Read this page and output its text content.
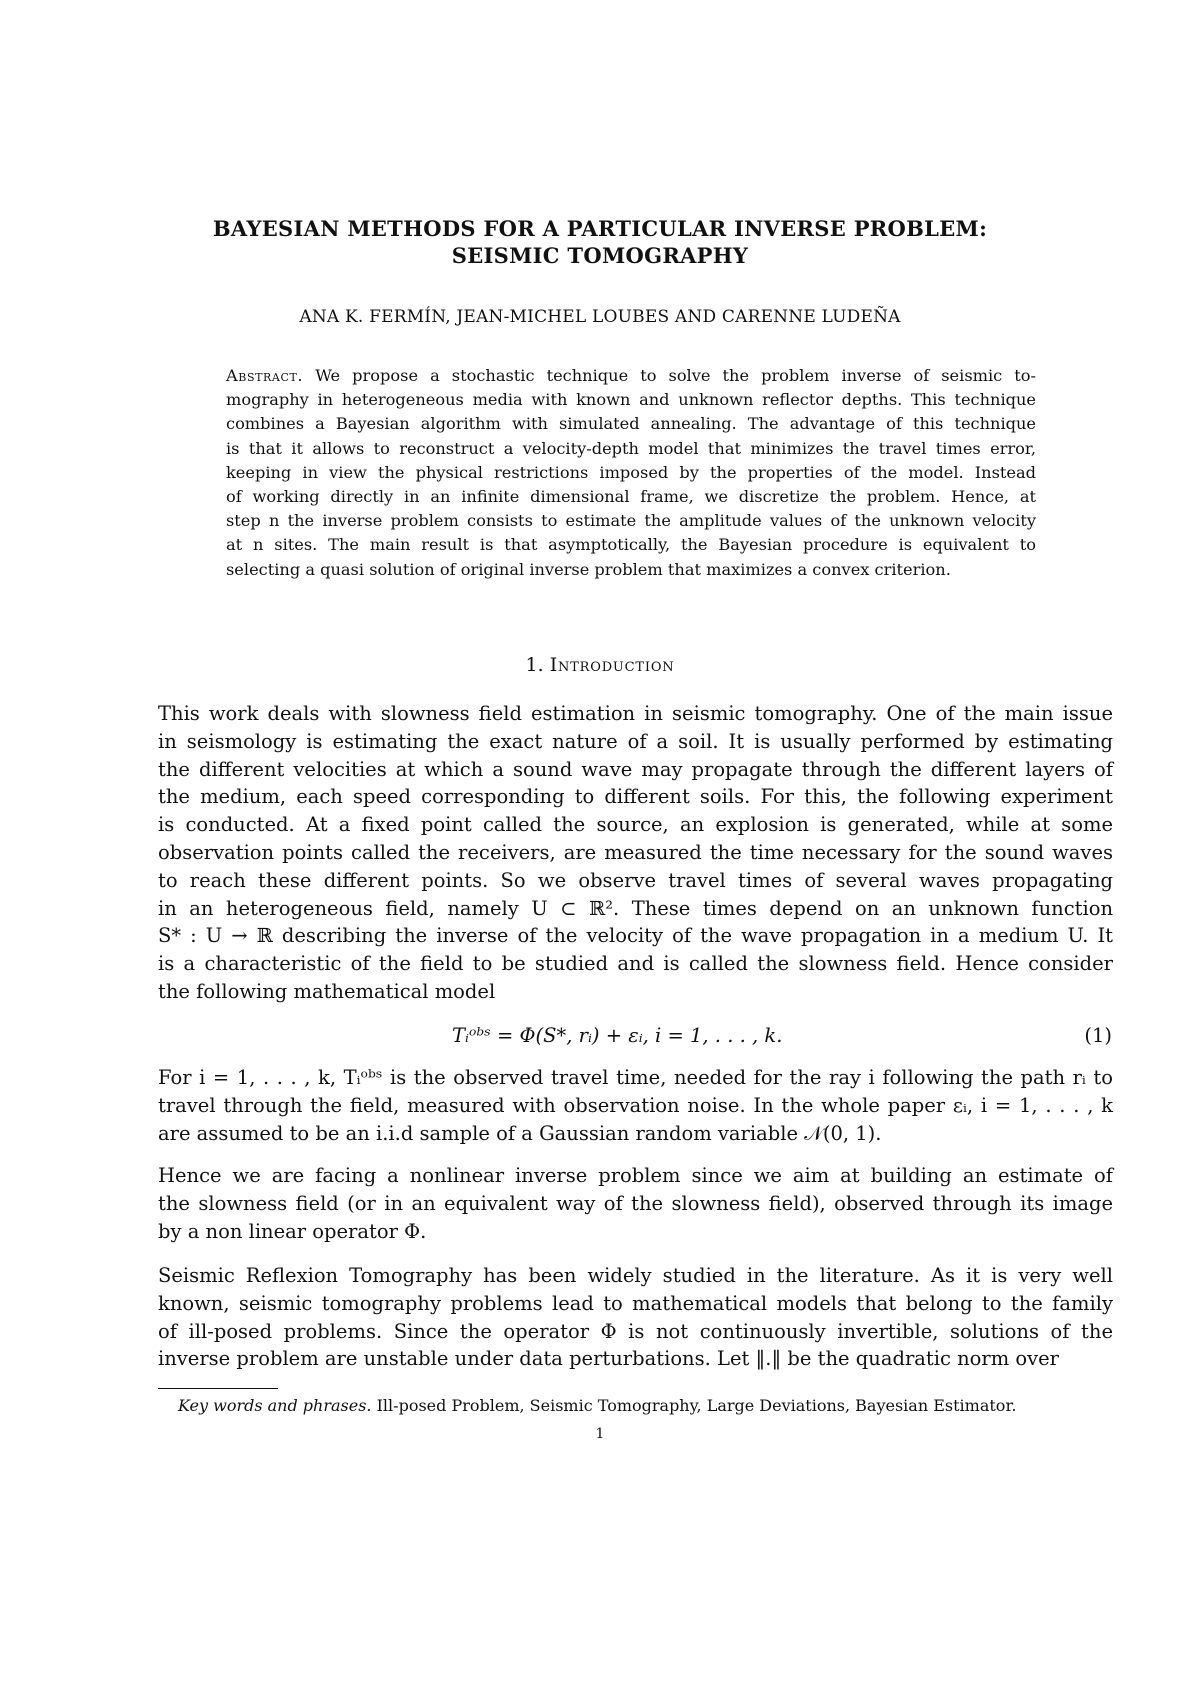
BAYESIAN METHODS FOR A PARTICULAR INVERSE PROBLEM:
SEISMIC TOMOGRAPHY
ANA K. FERMÍN, JEAN-MICHEL LOUBES AND CARENNE LUDEÑA
Abstract. We propose a stochastic technique to solve the problem inverse of seismic to-
mography in heterogeneous media with known and unknown reflector depths. This technique
combines a Bayesian algorithm with simulated annealing. The advantage of this technique
is that it allows to reconstruct a velocity-depth model that minimizes the travel times error,
keeping in view the physical restrictions imposed by the properties of the model. Instead
of working directly in an infinite dimensional frame, we discretize the problem. Hence, at
step n the inverse problem consists to estimate the amplitude values of the unknown velocity
at n sites. The main result is that asymptotically, the Bayesian procedure is equivalent to
selecting a quasi solution of original inverse problem that maximizes a convex criterion.
1. Introduction
This work deals with slowness field estimation in seismic tomography. One of the main issue
in seismology is estimating the exact nature of a soil. It is usually performed by estimating
the different velocities at which a sound wave may propagate through the different layers of
the medium, each speed corresponding to different soils. For this, the following experiment
is conducted. At a fixed point called the source, an explosion is generated, while at some
observation points called the receivers, are measured the time necessary for the sound waves
to reach these different points. So we observe travel times of several waves propagating
in an heterogeneous field, namely U ⊂ ℝ². These times depend on an unknown function
S* : U → ℝ describing the inverse of the velocity of the wave propagation in a medium U. It
is a characteristic of the field to be studied and is called the slowness field. Hence consider
the following mathematical model
Tᵢᵒᵇˢ = Φ(S*, rᵢ) + εᵢ, i = 1, . . . , k.	(1)
For i = 1, . . . , k, Tᵢᵒᵇˢ is the observed travel time, needed for the ray i following the path rᵢ to
travel through the field, measured with observation noise. In the whole paper εᵢ, i = 1, . . . , k
are assumed to be an i.i.d sample of a Gaussian random variable 𝒩(0, 1).
Hence we are facing a nonlinear inverse problem since we aim at building an estimate of
the slowness field (or in an equivalent way of the slowness field), observed through its image
by a non linear operator Φ.
Seismic Reflexion Tomography has been widely studied in the literature. As it is very well
known, seismic tomography problems lead to mathematical models that belong to the family
of ill-posed problems. Since the operator Φ is not continuously invertible, solutions of the
inverse problem are unstable under data perturbations. Let ‖.‖ be the quadratic norm over
Key words and phrases. Ill-posed Problem, Seismic Tomography, Large Deviations, Bayesian Estimator.
1
